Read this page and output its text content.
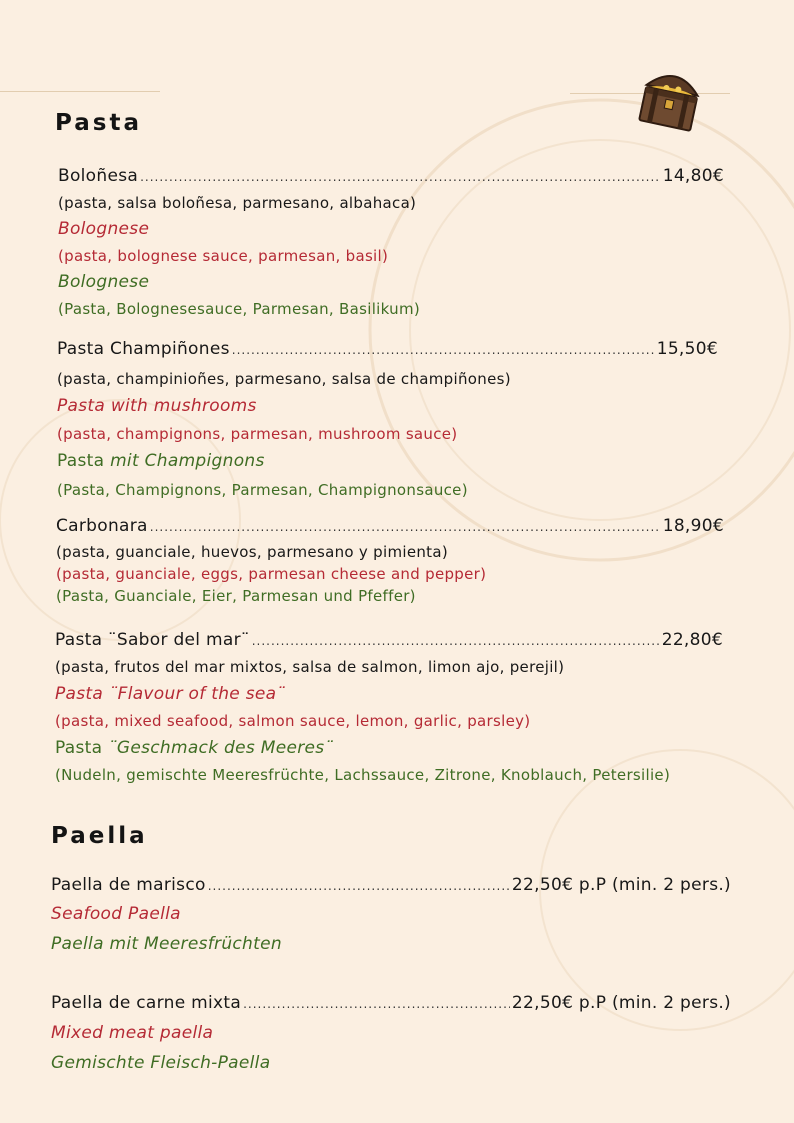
Pasta
Boloñesa .....	14,80€
(pasta, salsa boloñesa, parmesano, albahaca)
Bolognese
(pasta, bolognese sauce, parmesan, basil)
Bolognese
(Pasta, Bolognesesauce, Parmesan, Basilikum)
Pasta Champiñones .....	15,50€
(pasta, champinioñes, parmesano, salsa de champiñones)
Pasta with mushrooms
(pasta, champignons, parmesan, mushroom sauce)
Pasta mit Champignons
(Pasta, Champignons, Parmesan, Champignonsauce)
Carbonara .....	18,90€
(pasta, guanciale, huevos, parmesano y pimienta)
(pasta, guanciale, eggs, parmesan cheese and pepper)
(Pasta, Guanciale, Eier, Parmesan und Pfeffer)
Pasta ¨Sabor del mar¨ .....	22,80€
(pasta, frutos del mar mixtos, salsa de salmon, limon ajo, perejil)
Pasta ¨Flavour of the sea¨
(pasta, mixed seafood, salmon sauce, lemon, garlic, parsley)
Pasta ¨Geschmack des Meeres¨
(Nudeln, gemischte Meeresfrüchte, Lachssauce, Zitrone, Knoblauch, Petersilie)
Paella
Paella de marisco .....	22,50€ p.P (min. 2 pers.)
Seafood Paella
Paella mit Meeresfrüchten
Paella de carne mixta .....	22,50€ p.P (min. 2 pers.)
Mixed meat paella
Gemischte Fleisch-Paella
